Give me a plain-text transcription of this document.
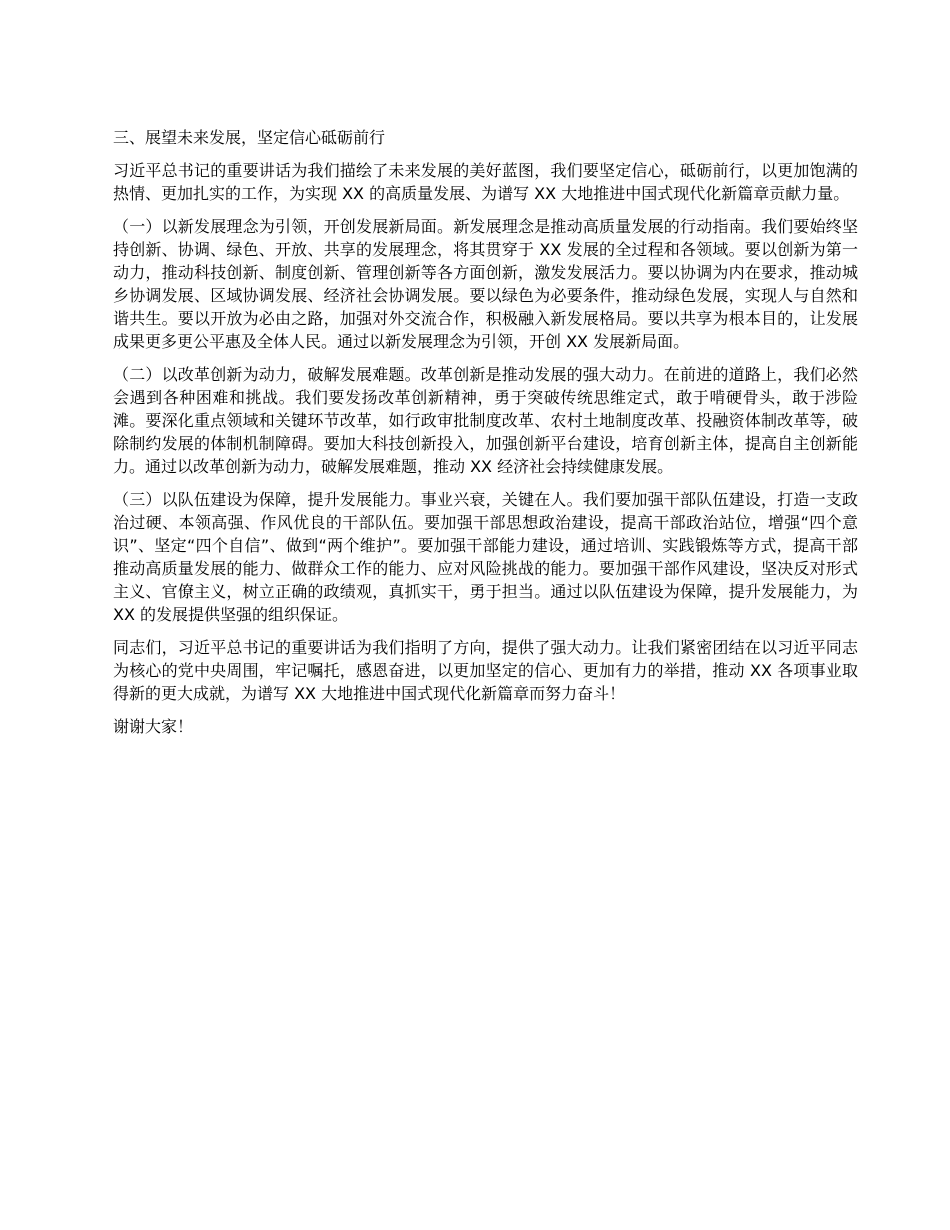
三、展望未来发展，坚定信心砥砺前行

习近平总书记的重要讲话为我们描绘了未来发展的美好蓝图，我们要坚定信心，砥砺前行，以更加饱满的热情、更加扎实的工作，为实现 XX 的高质量发展、为谱写 XX 大地推进中国式现代化新篇章贡献力量。

（一）以新发展理念为引领，开创发展新局面。新发展理念是推动高质量发展的行动指南。我们要始终坚持创新、协调、绿色、开放、共享的发展理念，将其贯穿于 XX 发展的全过程和各领域。要以创新为第一动力，推动科技创新、制度创新、管理创新等各方面创新，激发发展活力。要以协调为内在要求，推动城乡协调发展、区域协调发展、经济社会协调发展。要以绿色为必要条件，推动绿色发展，实现人与自然和谐共生。要以开放为必由之路，加强对外交流合作，积极融入新发展格局。要以共享为根本目的，让发展成果更多更公平惠及全体人民。通过以新发展理念为引领，开创 XX 发展新局面。

（二）以改革创新为动力，破解发展难题。改革创新是推动发展的强大动力。在前进的道路上，我们必然会遇到各种困难和挑战。我们要发扬改革创新精神，勇于突破传统思维定式，敢于啃硬骨头，敢于涉险滩。要深化重点领域和关键环节改革，如行政审批制度改革、农村土地制度改革、投融资体制改革等，破除制约发展的体制机制障碍。要加大科技创新投入，加强创新平台建设，培育创新主体，提高自主创新能力。通过以改革创新为动力，破解发展难题，推动 XX 经济社会持续健康发展。

（三）以队伍建设为保障，提升发展能力。事业兴衰，关键在人。我们要加强干部队伍建设，打造一支政治过硬、本领高强、作风优良的干部队伍。要加强干部思想政治建设，提高干部政治站位，增强“四个意识”、坚定“四个自信”、做到“两个维护”。要加强干部能力建设，通过培训、实践锻炼等方式，提高干部推动高质量发展的能力、做群众工作的能力、应对风险挑战的能力。要加强干部作风建设，坚决反对形式主义、官僚主义，树立正确的政绩观，真抓实干，勇于担当。通过以队伍建设为保障，提升发展能力，为 XX 的发展提供坚强的组织保证。

同志们，习近平总书记的重要讲话为我们指明了方向，提供了强大动力。让我们紧密团结在以习近平同志为核心的党中央周围，牢记嘱托，感恩奋进，以更加坚定的信心、更加有力的举措，推动 XX 各项事业取得新的更大成就，为谱写 XX 大地推进中国式现代化新篇章而努力奋斗！

谢谢大家！
